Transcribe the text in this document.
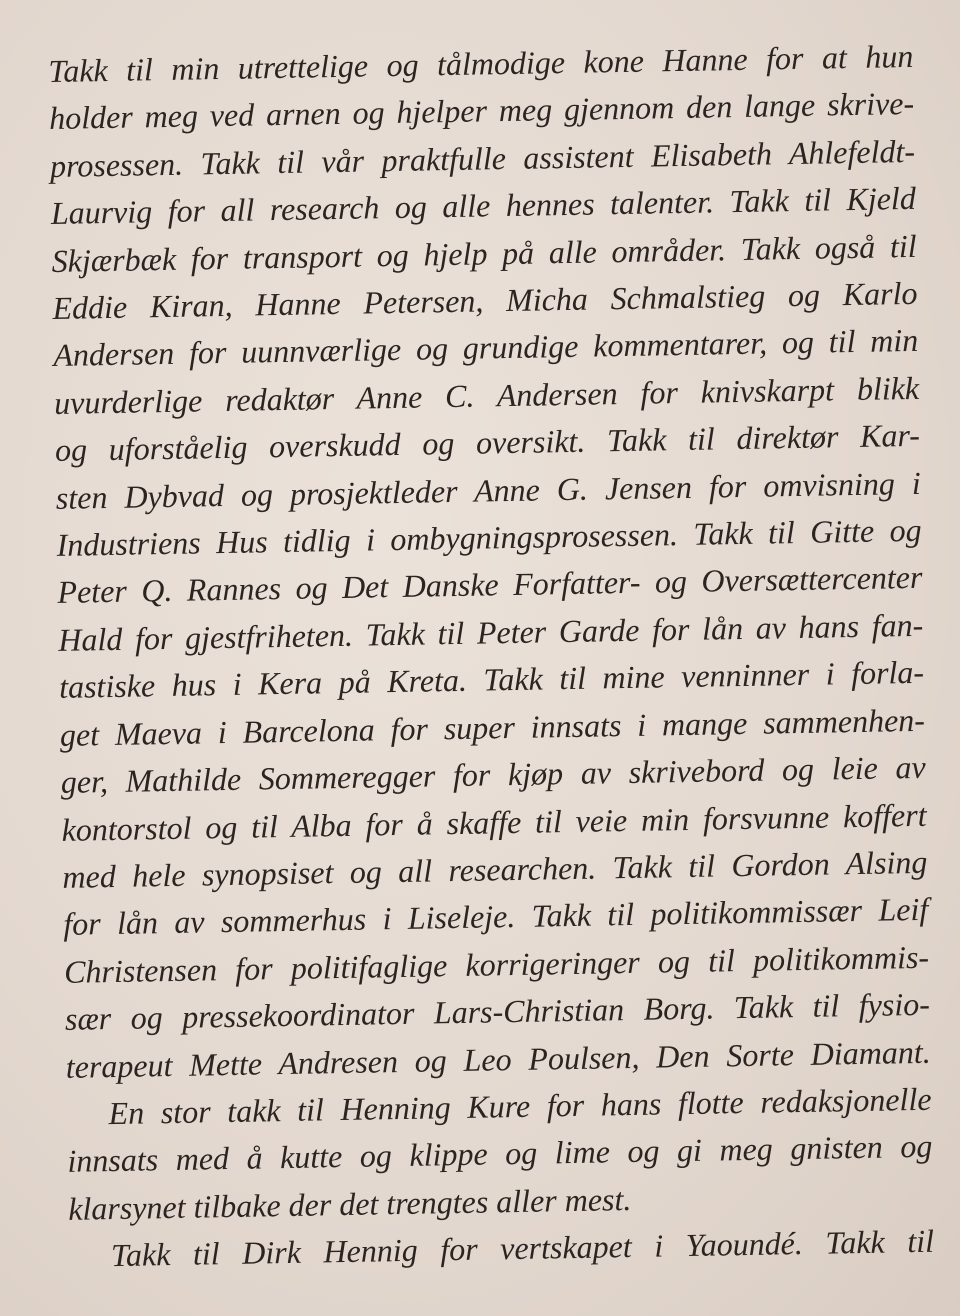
Takk til min utrettelige og tålmodige kone Hanne for at hun
holder meg ved arnen og hjelper meg gjennom den lange skrive-
prosessen. Takk til vår praktfulle assistent Elisabeth Ahlefeldt-
Laurvig for all research og alle hennes talenter. Takk til Kjeld
Skjærbæk for transport og hjelp på alle områder. Takk også til
Eddie Kiran, Hanne Petersen, Micha Schmalstieg og Karlo
Andersen for uunnværlige og grundige kommentarer, og til min
uvurderlige redaktør Anne C. Andersen for knivskarpt blikk
og uforståelig overskudd og oversikt. Takk til direktør Kar-
sten Dybvad og prosjektleder Anne G. Jensen for omvisning i
Industriens Hus tidlig i ombygningsprosessen. Takk til Gitte og
Peter Q. Rannes og Det Danske Forfatter- og Oversættercenter
Hald for gjestfriheten. Takk til Peter Garde for lån av hans fan-
tastiske hus i Kera på Kreta. Takk til mine venninner i forla-
get Maeva i Barcelona for super innsats i mange sammenhen-
ger, Mathilde Sommeregger for kjøp av skrivebord og leie av
kontorstol og til Alba for å skaffe til veie min forsvunne koffert
med hele synopsiset og all researchen. Takk til Gordon Alsing
for lån av sommerhus i Liseleje. Takk til politikommissær Leif
Christensen for politifaglige korrigeringer og til politikommis-
sær og pressekoordinator Lars-Christian Borg. Takk til fysio-
terapeut Mette Andresen og Leo Poulsen, Den Sorte Diamant.
En stor takk til Henning Kure for hans flotte redaksjonelle
innsats med å kutte og klippe og lime og gi meg gnisten og
klarsynet tilbake der det trengtes aller mest.
Takk til Dirk Hennig for vertskapet i Yaoundé. Takk til
